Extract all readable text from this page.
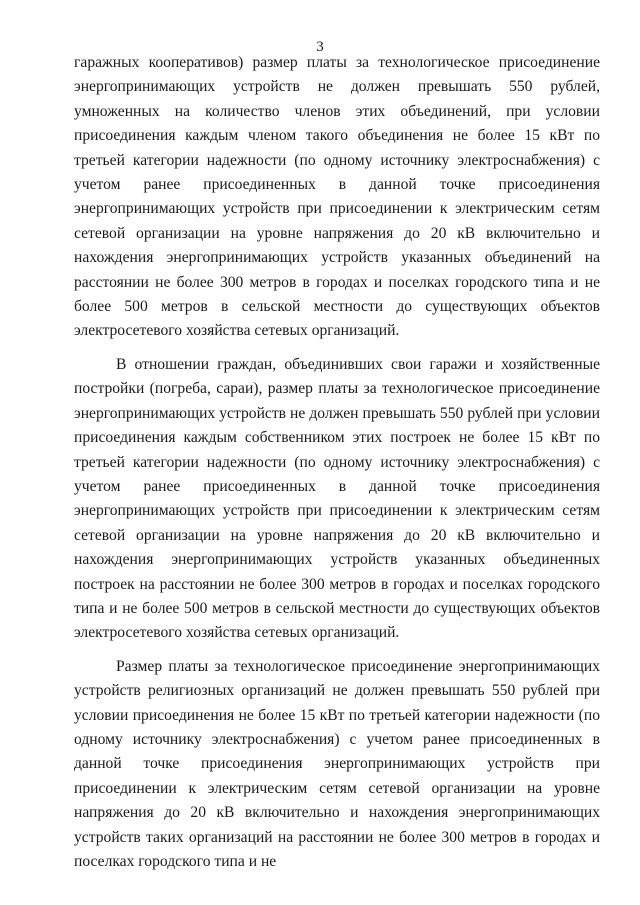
3

гаражных кооперативов) размер платы за технологическое присоединение энергопринимающих устройств не должен превышать 550 рублей, умноженных на количество членов этих объединений, при условии присоединения каждым членом такого объединения не более 15 кВт по третьей категории надежности (по одному источнику электроснабжения) с учетом ранее присоединенных в данной точке присоединения энергопринимающих устройств при присоединении к электрическим сетям сетевой организации на уровне напряжения до 20 кВ включительно и нахождения энергопринимающих устройств указанных объединений на расстоянии не более 300 метров в городах и поселках городского типа и не более 500 метров в сельской местности до существующих объектов электросетевого хозяйства сетевых организаций.

В отношении граждан, объединивших свои гаражи и хозяйственные постройки (погреба, сараи), размер платы за технологическое присоединение энергопринимающих устройств не должен превышать 550 рублей при условии присоединения каждым собственником этих построек не более 15 кВт по третьей категории надежности (по одному источнику электроснабжения) с учетом ранее присоединенных в данной точке присоединения энергопринимающих устройств при присоединении к электрическим сетям сетевой организации на уровне напряжения до 20 кВ включительно и нахождения энергопринимающих устройств указанных объединенных построек на расстоянии не более 300 метров в городах и поселках городского типа и не более 500 метров в сельской местности до существующих объектов электросетевого хозяйства сетевых организаций.

Размер платы за технологическое присоединение энергопринимающих устройств религиозных организаций не должен превышать 550 рублей при условии присоединения не более 15 кВт по третьей категории надежности (по одному источнику электроснабжения) с учетом ранее присоединенных в данной точке присоединения энергопринимающих устройств при присоединении к электрическим сетям сетевой организации на уровне напряжения до 20 кВ включительно и нахождения энергопринимающих устройств таких организаций на расстоянии не более 300 метров в городах и поселках городского типа и не
